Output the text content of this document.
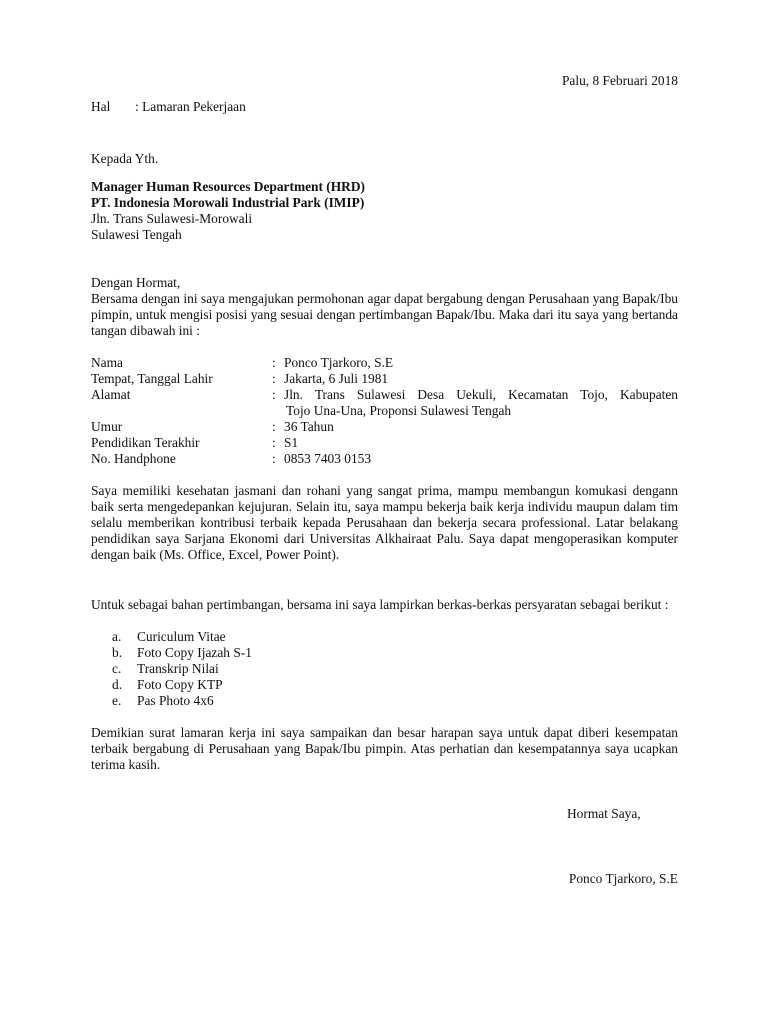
Palu, 8 Februari 2018
Hal : Lamaran Pekerjaan
Kepada Yth.
Manager Human Resources Department (HRD)
PT. Indonesia Morowali Industrial Park (IMIP)
Jln. Trans Sulawesi-Morowali
Sulawesi Tengah
Dengan Hormat,

Bersama dengan ini saya mengajukan permohonan agar dapat bergabung dengan Perusahaan yang Bapak/Ibu pimpin, untuk mengisi posisi yang sesuai dengan pertimbangan Bapak/Ibu. Maka dari itu saya yang bertanda tangan dibawah ini :

Nama	: Ponco Tjarkoro, S.E
Tempat, Tanggal Lahir	: Jakarta, 6 Juli 1981
Alamat	: Jln. Trans Sulawesi Desa Uekuli, Kecamatan Tojo, Kabupaten
Tojo Una-Una, Proponsi Sulawesi Tengah
Umur	: 36 Tahun
Pendidikan Terakhir	: S1
No. Handphone	: 0853 7403 0153

Saya memiliki kesehatan jasmani dan rohani yang sangat prima, mampu membangun komukasi dengann baik serta mengedepankan kejujuran. Selain itu, saya mampu bekerja baik kerja individu maupun dalam tim selalu memberikan kontribusi terbaik kepada Perusahaan dan bekerja secara professional. Latar belakang pendidikan saya Sarjana Ekonomi dari Universitas Alkhairaat Palu. Saya dapat mengoperasikan komputer dengan baik (Ms. Office, Excel, Power Point).

Untuk sebagai bahan pertimbangan, bersama ini saya lampirkan berkas-berkas persyaratan sebagai berikut :

a. Curiculum Vitae
b. Foto Copy Ijazah S-1
c. Transkrip Nilai
d. Foto Copy KTP
e. Pas Photo 4x6

Demikian surat lamaran kerja ini saya sampaikan dan besar harapan saya untuk dapat diberi kesempatan terbaik bergabung di Perusahaan yang Bapak/Ibu pimpin. Atas perhatian dan kesempatannya saya ucapkan terima kasih.

Hormat Saya,
Ponco Tjarkoro, S.E
